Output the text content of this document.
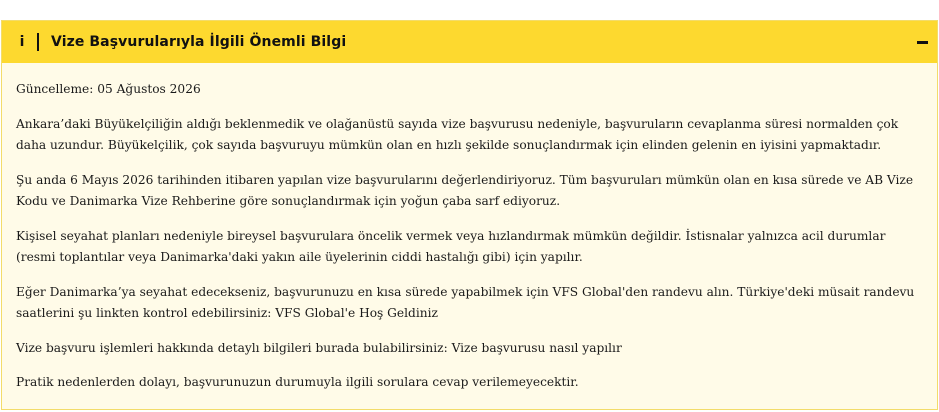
i Vize Başvurularıyla İlgili Önemli Bilgi

Güncelleme: 05 Ağustos 2026

Ankara’daki Büyükelçiliğin aldığı beklenmedik ve olağanüstü sayıda vize başvurusu nedeniyle, başvuruların cevaplanma süresi normalden çok daha uzundur. Büyükelçilik, çok sayıda başvuruyu mümkün olan en hızlı şekilde sonuçlandırmak için elinden gelenin en iyisini yapmaktadır.

Şu anda 6 Mayıs 2026 tarihinden itibaren yapılan vize başvurularını değerlendiriyoruz. Tüm başvuruları mümkün olan en kısa sürede ve AB Vize Kodu ve Danimarka Vize Rehberine göre sonuçlandırmak için yoğun çaba sarf ediyoruz.

Kişisel seyahat planları nedeniyle bireysel başvurulara öncelik vermek veya hızlandırmak mümkün değildir. İstisnalar yalnızca acil durumlar (resmi toplantılar veya Danimarka'daki yakın aile üyelerinin ciddi hastalığı gibi) için yapılır.

Eğer Danimarka’ya seyahat edecekseniz, başvurunuzu en kısa sürede yapabilmek için VFS Global'den randevu alın. Türkiye'deki müsait randevu saatlerini şu linkten kontrol edebilirsiniz: VFS Global'e Hoş Geldiniz

Vize başvuru işlemleri hakkında detaylı bilgileri burada bulabilirsiniz: Vize başvurusu nasıl yapılır

Pratik nedenlerden dolayı, başvurunuzun durumuyla ilgili sorulara cevap verilemeyecektir.
